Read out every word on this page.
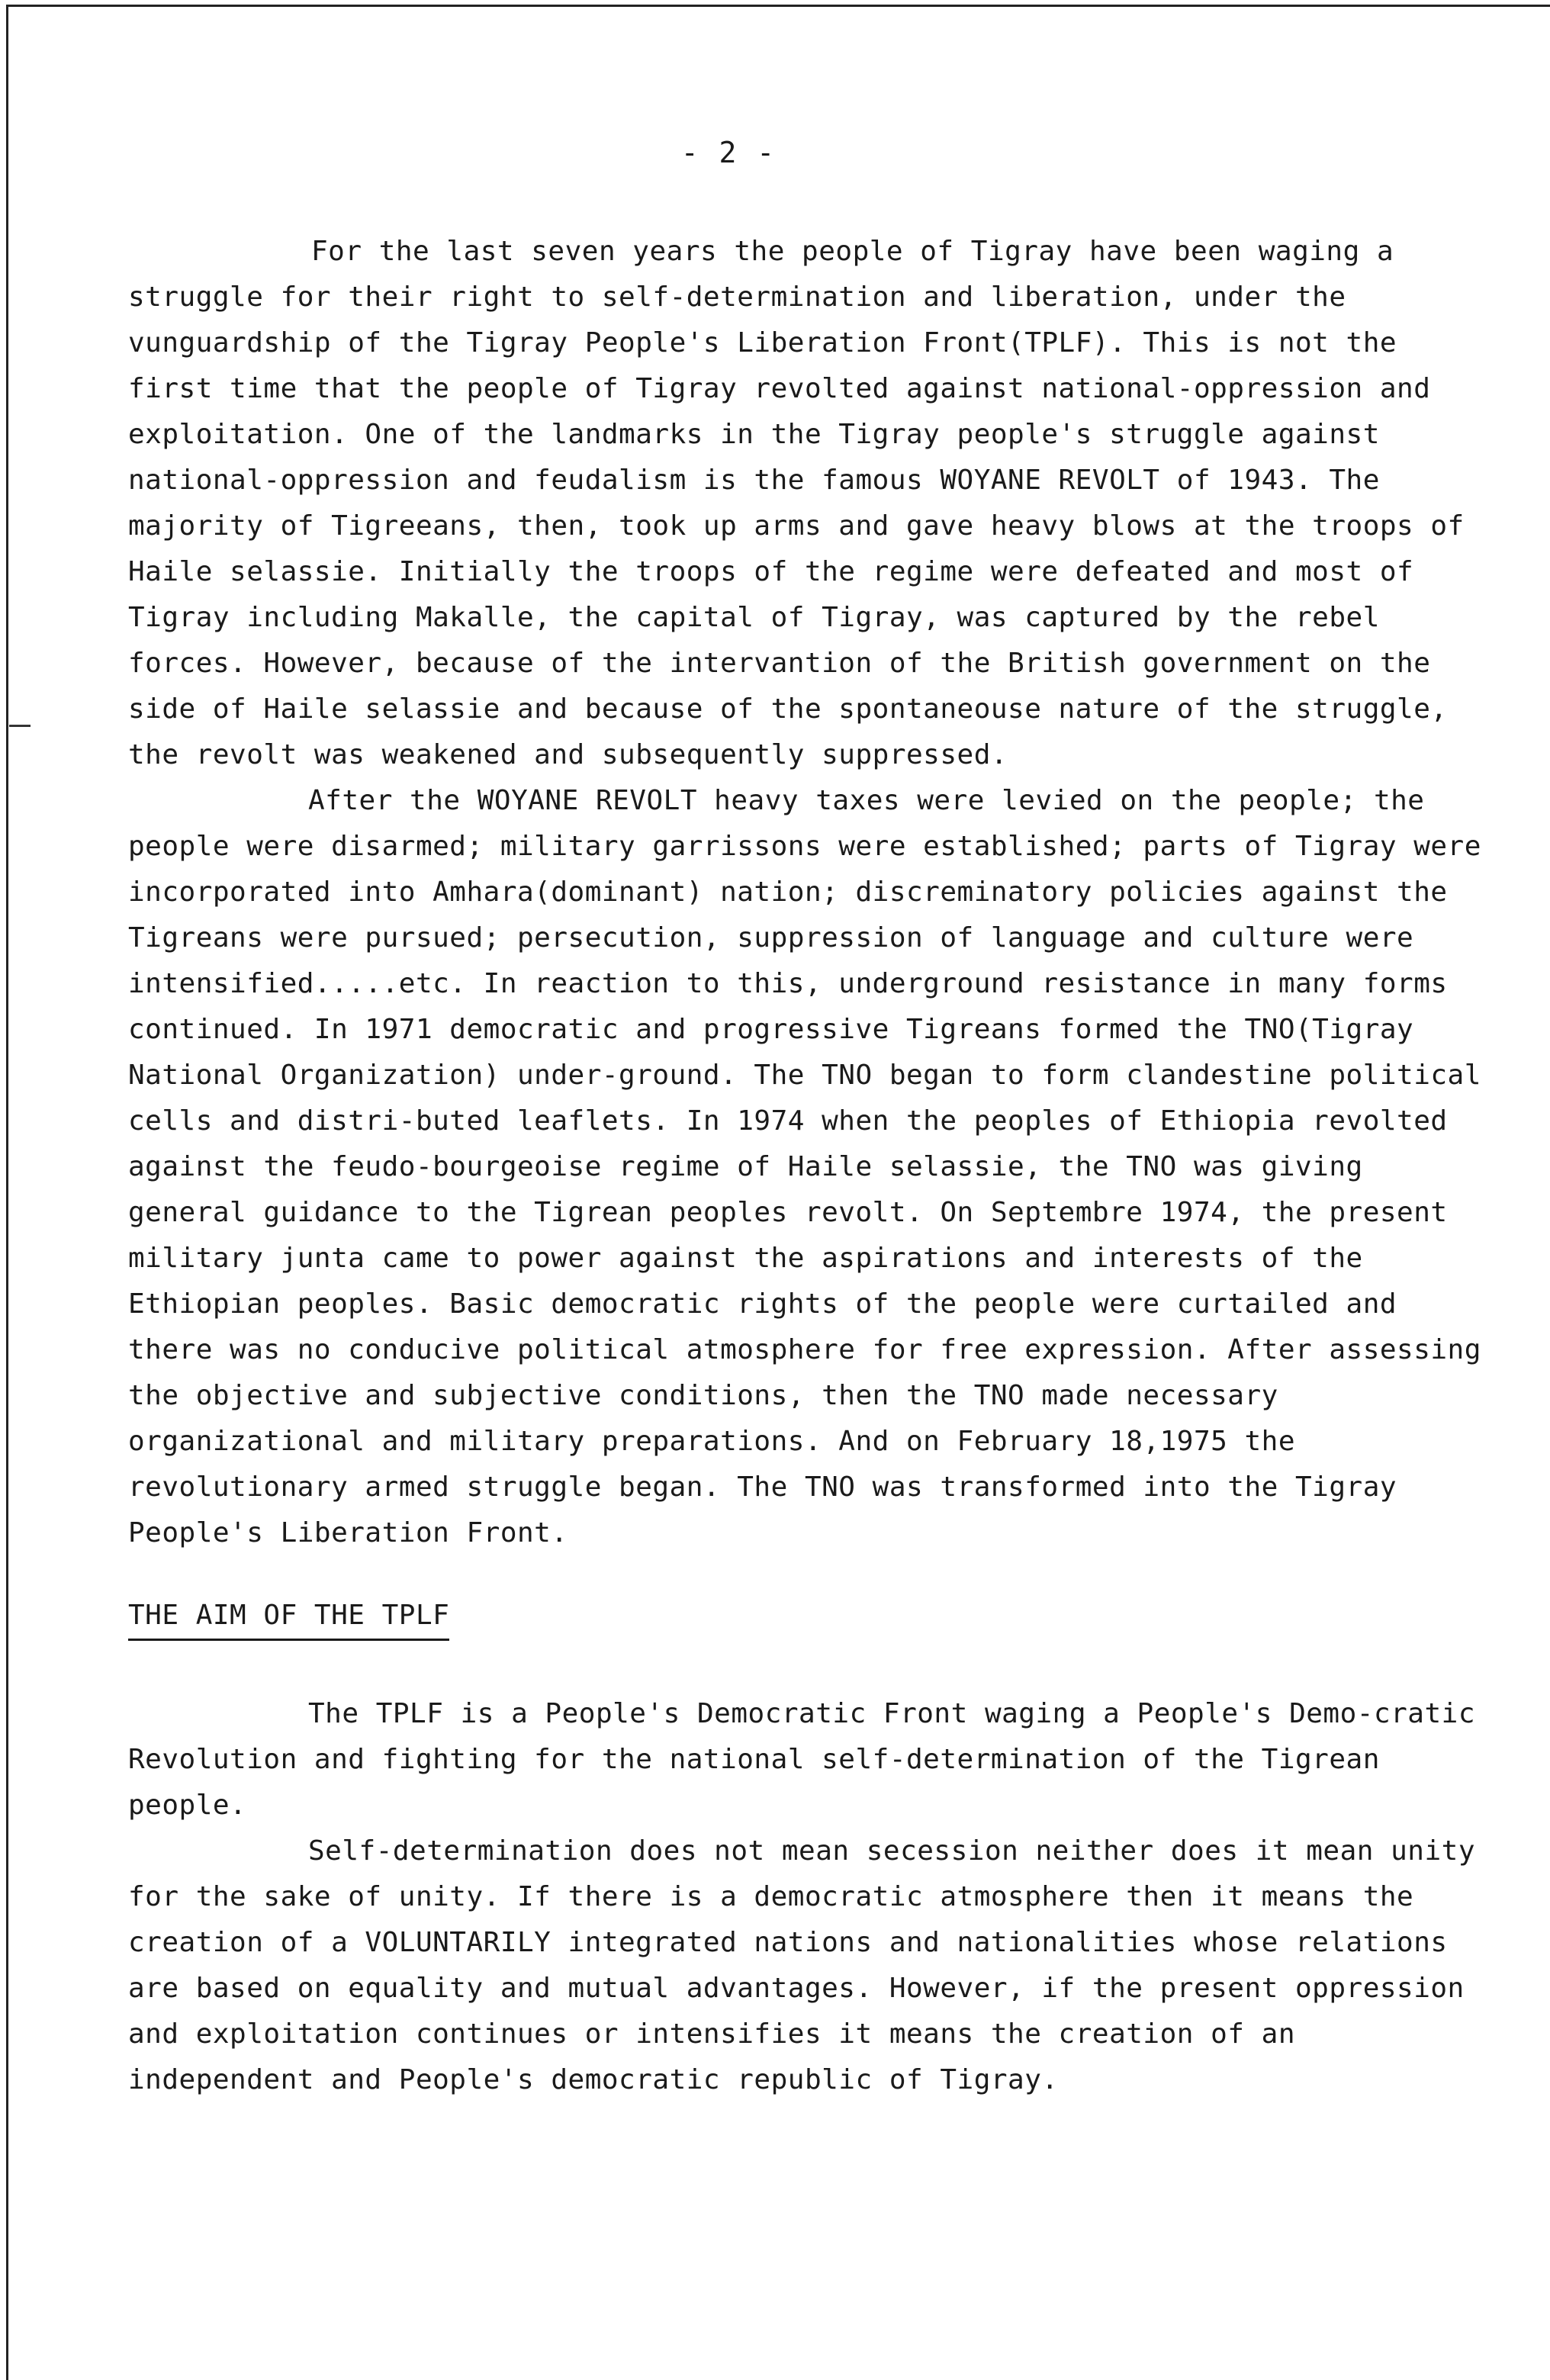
- 2 -

For the last seven years the people of Tigray have been waging a struggle for their right to self-determination and liberation, under the vunguardship of the Tigray People's Liberation Front(TPLF). This is not the first time that the people of Tigray revolted against national-oppression and exploitation. One of the landmarks in the Tigray people's struggle against national-oppression and feudalism is the famous WOYANE REVOLT of 1943. The majority of Tigreeans, then, took up arms and gave heavy blows at the troops of Haile selassie. Initially the troops of the regime were defeated and most of Tigray including Makalle, the capital of Tigray, was captured by the rebel forces. However, because of the intervantion of the British government on the side of Haile selassie and because of the spontaneouse nature of the struggle, the revolt was weakened and subsequently suppressed.

After the WOYANE REVOLT heavy taxes were levied on the people; the people were disarmed; military garrissons were established; parts of Tigray were incorporated into Amhara(dominant) nation; discreminatory policies against the Tigreans were pursued; persecution, suppression of language and culture were intensified.....etc. In reaction to this, underground resistance in many forms continued. In 1971 democratic and progressive Tigreans formed the TNO(Tigray National Organization) under-ground. The TNO began to form clandestine political cells and distri-buted leaflets. In 1974 when the peoples of Ethiopia revolted against the feudo-bourgeoise regime of Haile selassie, the TNO was giving general guidance to the Tigrean peoples revolt. On Septembre 1974, the present military junta came to power against the aspirations and interests of the Ethiopian peoples. Basic democratic rights of the people were curtailed and there was no conducive political atmosphere for free expression. After assessing the objective and subjective conditions, then the TNO made necessary organizational and military preparations. And on February 18,1975 the revolutionary armed struggle began. The TNO was transformed into the Tigray People's Liberation Front.

THE AIM OF THE TPLF

The TPLF is a People's Democratic Front waging a People's Demo-cratic Revolution and fighting for the national self-determination of the Tigrean people.

Self-determination does not mean secession neither does it mean unity for the sake of unity. If there is a democratic atmosphere then it means the creation of a VOLUNTARILY integrated nations and nationalities whose relations are based on equality and mutual advantages. However, if the present oppression and exploitation continues or intensifies it means the creation of an independent and People's democratic republic of Tigray.
